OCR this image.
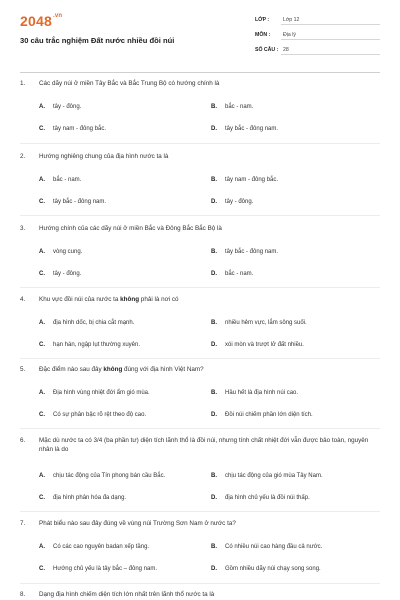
$2048^{.vn}$
30 câu trắc nghiệm Đất nước nhiều đồi núi
LỚP :	Lớp 12
MÔN : Địa lý
SỐ CÂU : 28
1. Các dãy núi ở miền Tây Bắc và Bắc Trung Bộ có hướng chính là
A. tây - đông.	B. bắc - nam.
C. tây nam - đông bắc.	D. tây bắc - đông nam.
2. Hướng nghiêng chung của địa hình nước ta là
A. bắc - nam.	B. tây nam - đông bắc.
C. tây bắc - đông nam.	D. tây - đông.
3. Hướng chính của các dãy núi ở miền Bắc và Đông Bắc Bắc Bộ là
A. vòng cung.	B. tây bắc - đông nam.
C. tây - đông.	D. bắc - nam.
4. Khu vực đồi núi của nước ta không phải là nơi có
A. địa hình dốc, bị chia cắt mạnh.	B. nhiều hẻm vực, lắm sông suối.
C. hạn hán, ngập lụt thường xuyên.	D. xói mòn và trượt lở đất nhiều.
5. Đặc điểm nào sau đây không đúng với địa hình Việt Nam?
A. Địa hình vùng nhiệt đới ẩm gió mùa.	B. Hầu hết là địa hình núi cao.
C. Có sự phân bậc rõ rệt theo độ cao.	D. Đồi núi chiếm phần lớn diện tích.
6. Mặc dù nước ta có 3/4 (ba phần tư) diện tích lãnh thổ là đồi núi, nhưng tính chất nhiệt đới vẫn được bảo toàn, nguyên nhân là do
A. chịu tác động của Tín phong bán cầu Bắc.	B. chịu tác động của gió mùa Tây Nam.
C. địa hình phân hóa đa dạng.	D. địa hình chủ yếu là đồi núi thấp.
7. Phát biểu nào sau đây đúng về vùng núi Trường Sơn Nam ở nước ta?
A. Có các cao nguyên badan xếp tầng.	B. Có nhiều núi cao hàng đầu cả nước.
C. Hướng chủ yếu là tây bắc – đông nam.	D. Gồm nhiều dãy núi chạy song song.
8. Dạng địa hình chiếm diện tích lớn nhất trên lãnh thổ nước ta là
